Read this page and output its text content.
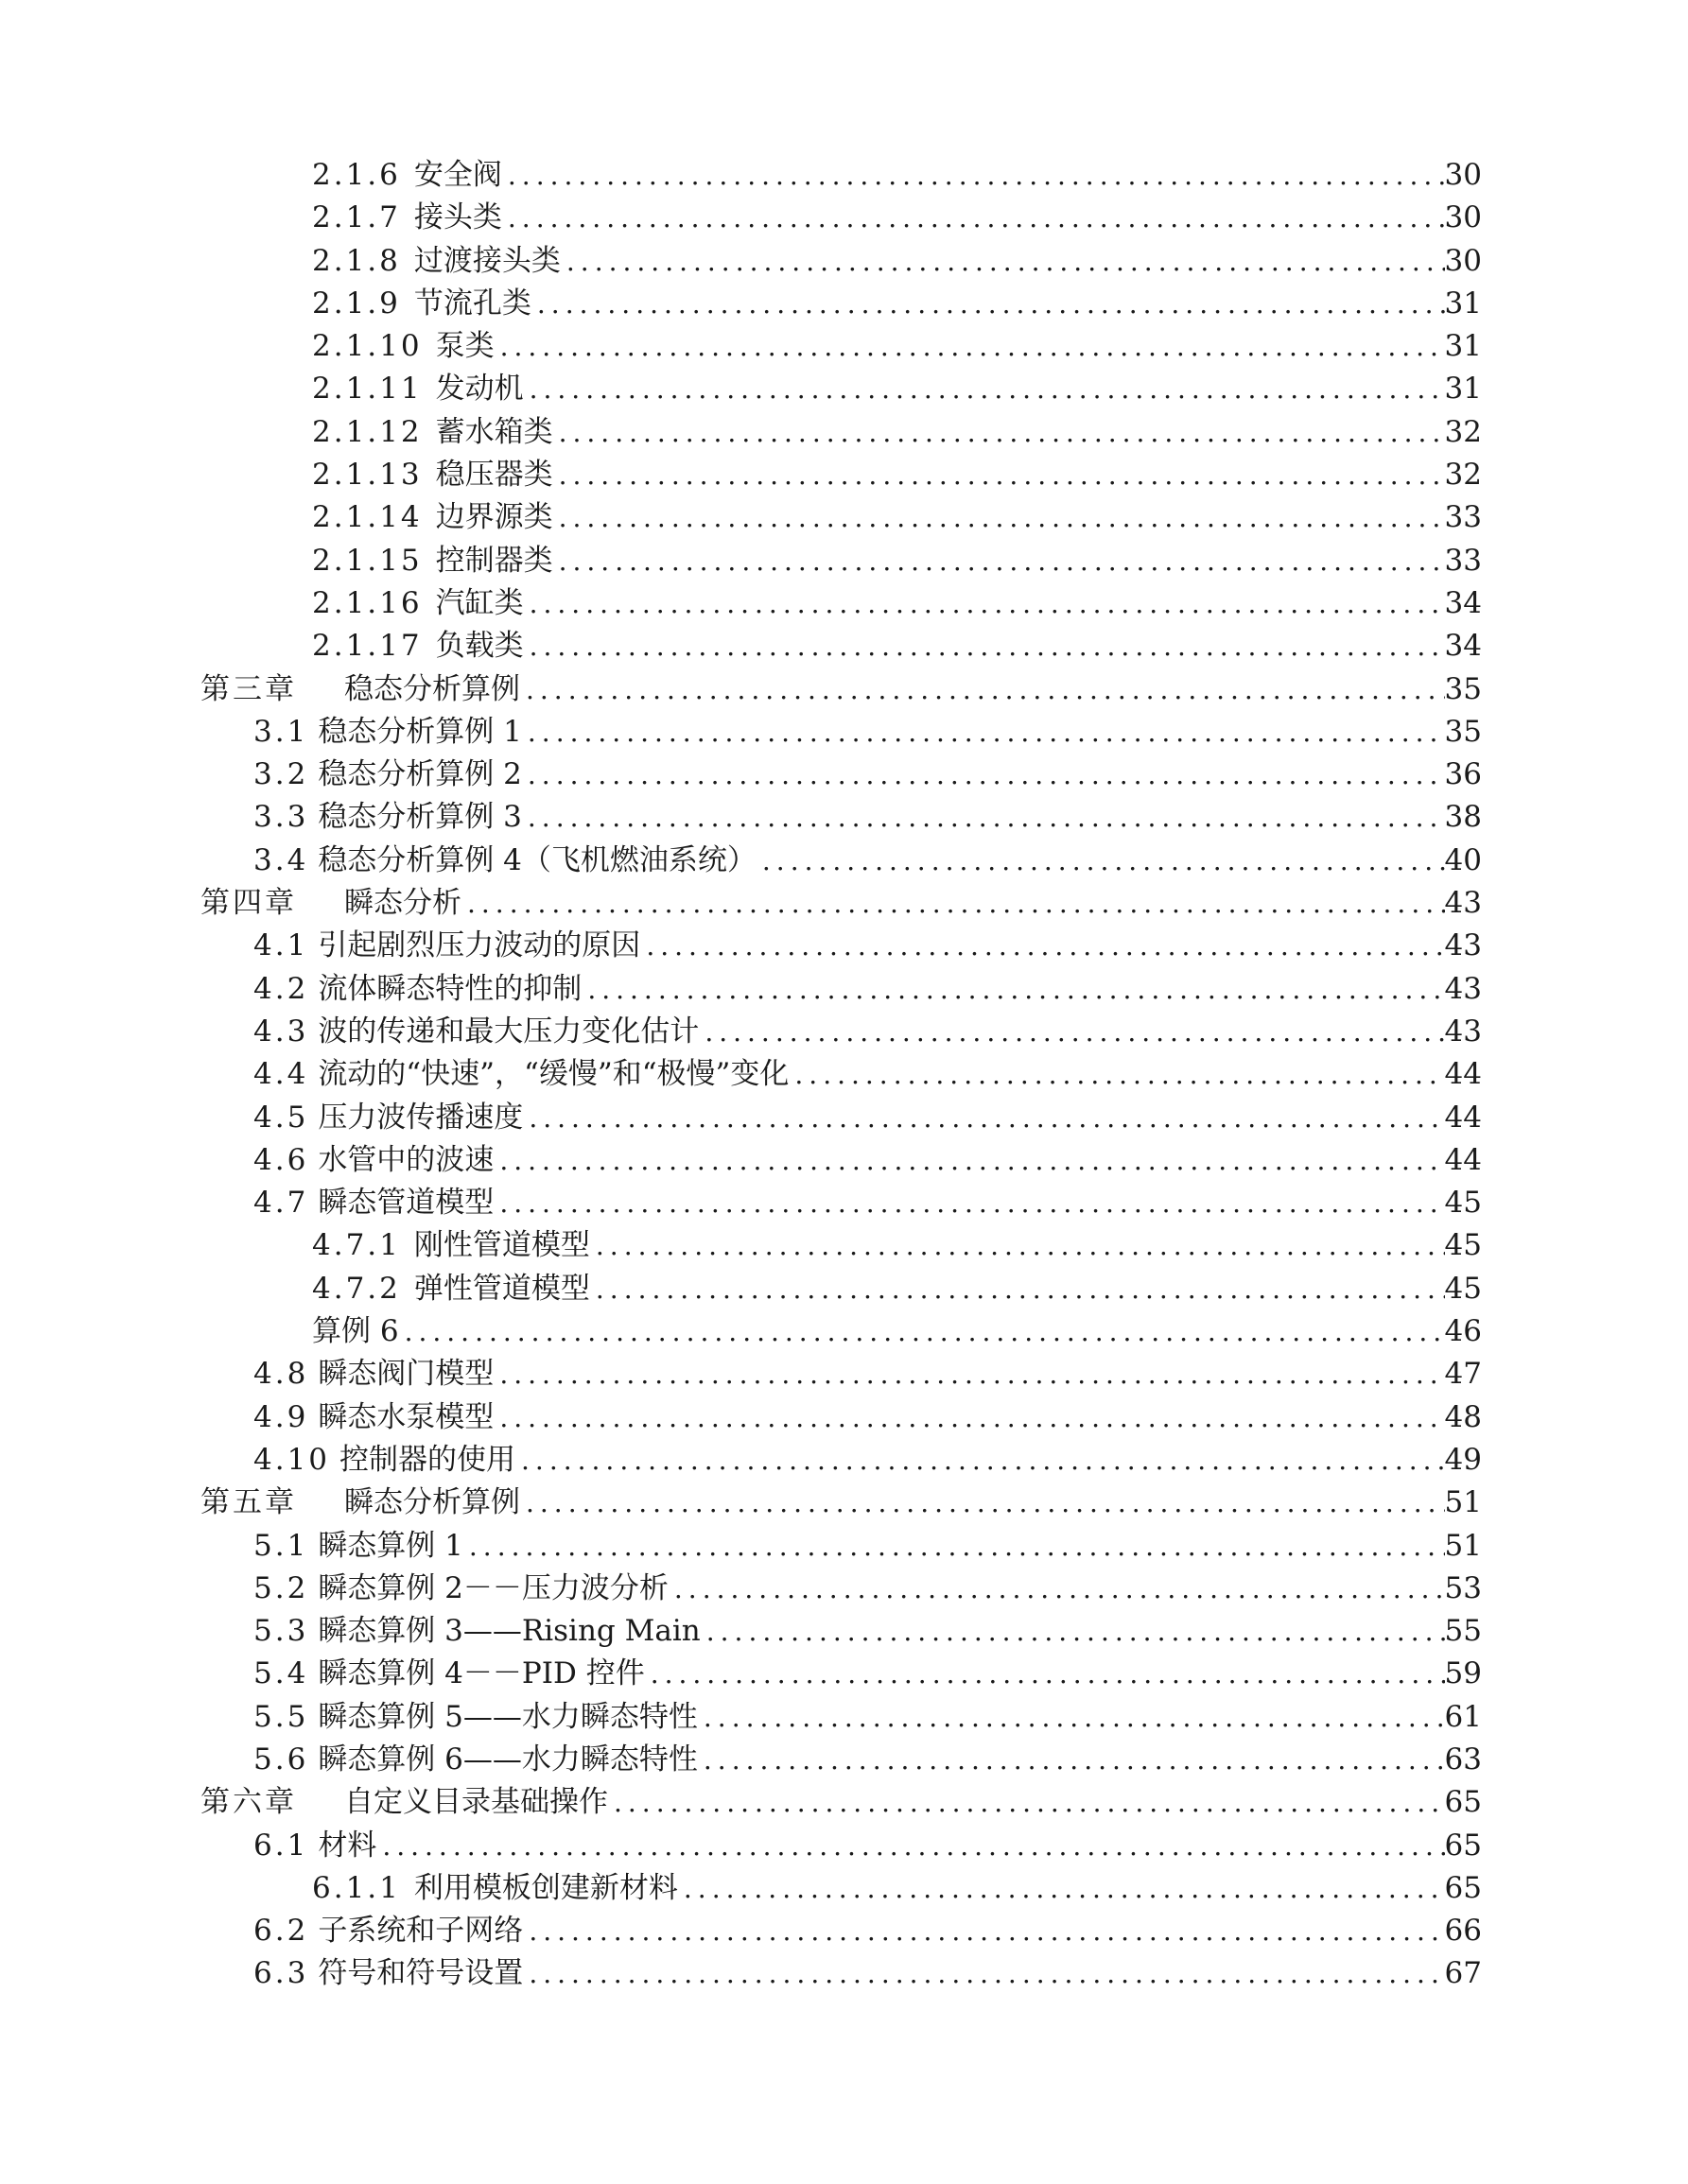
2.1.6 安全阀 .....	30
2.1.7 接头类 .....	30
2.1.8 过渡接头类 .....	30
2.1.9 节流孔类 .....	31
2.1.10 泵类 .....	31
2.1.11 发动机 .....	31
2.1.12 蓄水箱类 .....	32
2.1.13 稳压器类 .....	32
2.1.14 边界源类 .....	33
2.1.15 控制器类 .....	33
2.1.16 汽缸类 .....	34
2.1.17 负载类 .....	34
第三章	稳态分析算例 .....	35
3.1 稳态分析算例 1 .....	35
3.2 稳态分析算例 2 .....	36
3.3 稳态分析算例 3 .....	38
3.4 稳态分析算例 4（飞机燃油系统） .....	40
第四章	瞬态分析 .....	43
4.1 引起剧烈压力波动的原因 .....	43
4.2 流体瞬态特性的抑制 .....	43
4.3 波的传递和最大压力变化估计 .....	43
4.4 流动的“快速”，“缓慢”和“极慢”变化 .....	44
4.5 压力波传播速度 .....	44
4.6 水管中的波速 .....	44
4.7 瞬态管道模型 .....	45
4.7.1 刚性管道模型 .....	45
4.7.2 弹性管道模型 .....	45
算例 6 .....	46
4.8 瞬态阀门模型 .....	47
4.9 瞬态水泵模型 .....	48
4.10 控制器的使用 .....	49
第五章	瞬态分析算例 .....	51
5.1 瞬态算例 1 .....	51
5.2 瞬态算例 2－－压力波分析 .....	53
5.3 瞬态算例 3——Rising Main .....	55
5.4 瞬态算例 4－－PID 控件 .....	59
5.5 瞬态算例 5——水力瞬态特性 .....	61
5.6 瞬态算例 6——水力瞬态特性 .....	63
第六章	自定义目录基础操作 .....	65
6.1 材料 .....	65
6.1.1 利用模板创建新材料 .....	65
6.2 子系统和子网络 .....	66
6.3 符号和符号设置 .....	67
